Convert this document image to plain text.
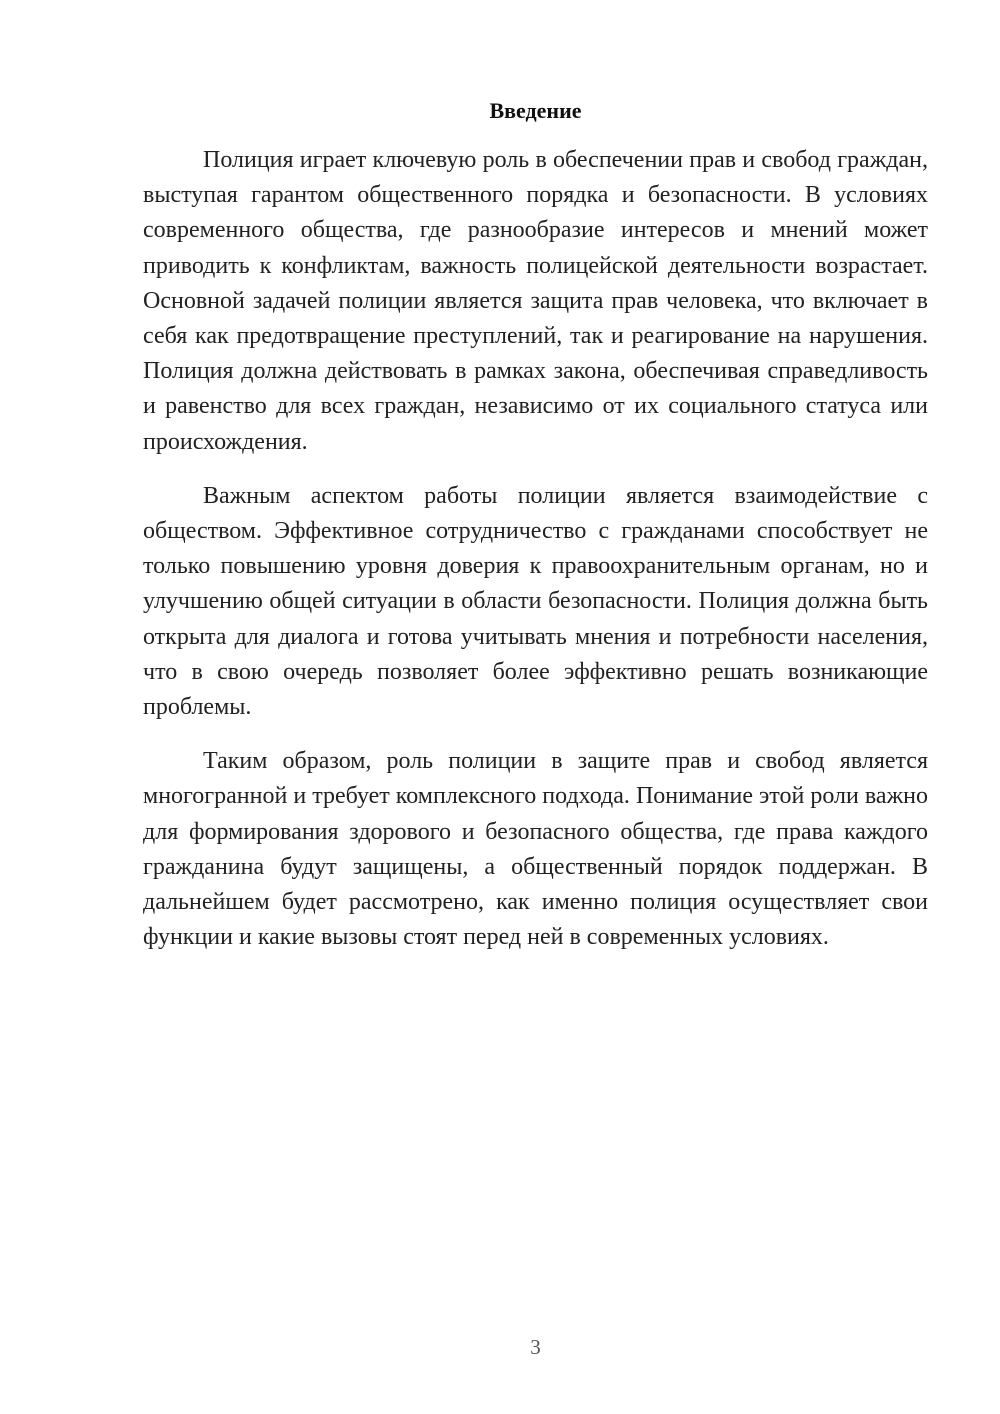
Введение

Полиция играет ключевую роль в обеспечении прав и свобод граждан, выступая гарантом общественного порядка и безопасности. В условиях современного общества, где разнообразие интересов и мнений может приводить к конфликтам, важность полицейской деятельности возрастает. Основной задачей полиции является защита прав человека, что включает в себя как предотвращение преступлений, так и реагирование на нарушения. Полиция должна действовать в рамках закона, обеспечивая справедливость и равенство для всех граждан, независимо от их социального статуса или происхождения.

Важным аспектом работы полиции является взаимодействие с обществом. Эффективное сотрудничество с гражданами способствует не только повышению уровня доверия к правоохранительным органам, но и улучшению общей ситуации в области безопасности. Полиция должна быть открыта для диалога и готова учитывать мнения и потребности населения, что в свою очередь позволяет более эффективно решать возникающие проблемы.

Таким образом, роль полиции в защите прав и свобод является многогранной и требует комплексного подхода. Понимание этой роли важно для формирования здорового и безопасного общества, где права каждого гражданина будут защищены, а общественный порядок поддержан. В дальнейшем будет рассмотрено, как именно полиция осуществляет свои функции и какие вызовы стоят перед ней в современных условиях.

3
